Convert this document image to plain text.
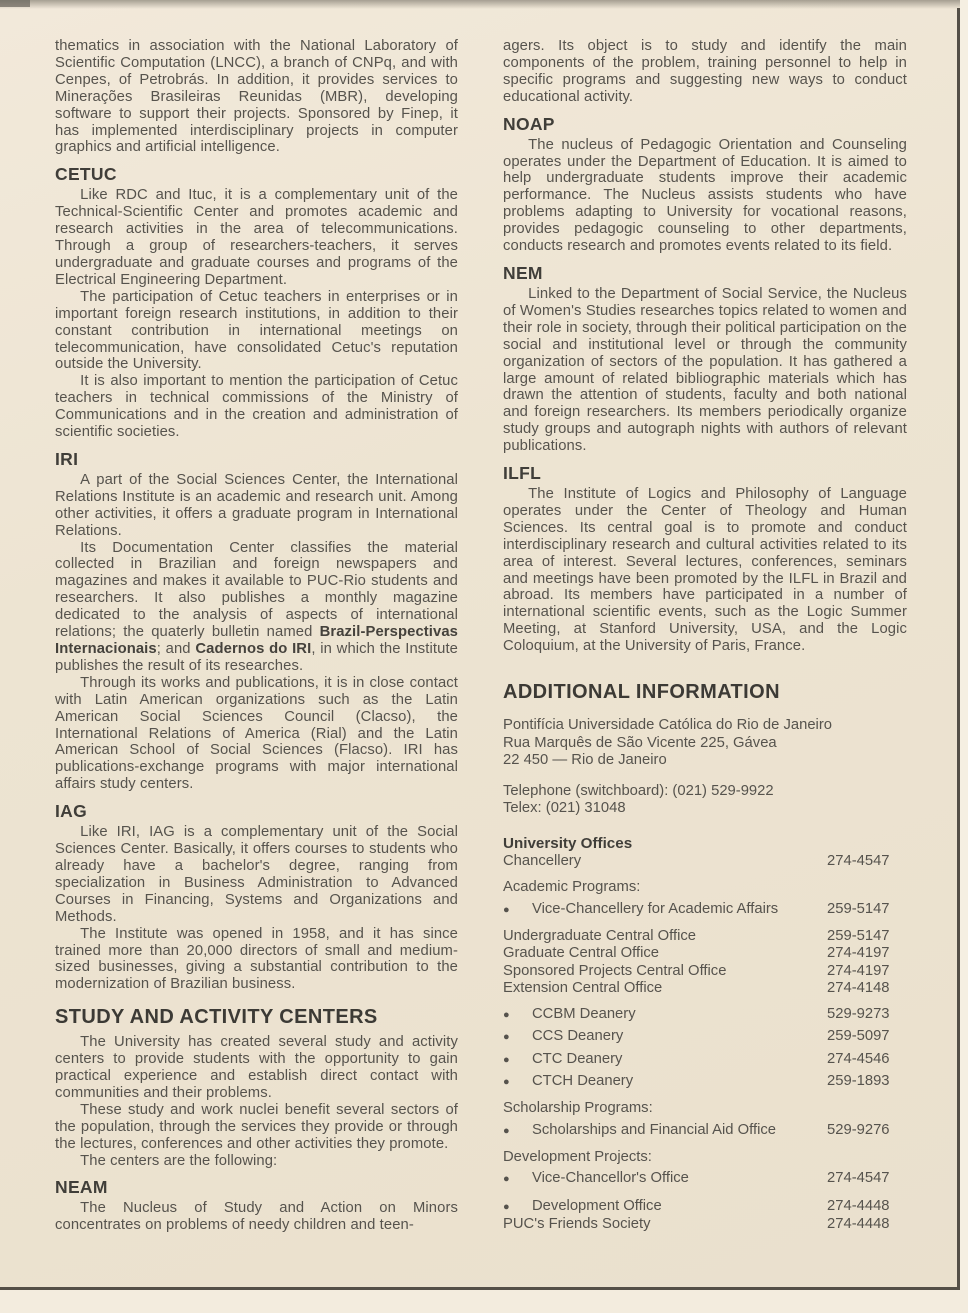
thematics in association with the National Laboratory of Scientific Computation (LNCC), a branch of CNPq, and with Cenpes, of Petrobrás. In addition, it provides services to Minerações Brasileiras Reunidas (MBR), developing software to support their projects. Sponsored by Finep, it has implemented interdisciplinary projects in computer graphics and artificial intelligence.

CETUC

Like RDC and Ituc, it is a complementary unit of the Technical-Scientific Center and promotes academic and research activities in the area of telecommunications. Through a group of researchers-teachers, it serves undergraduate and graduate courses and programs of the Electrical Engineering Department.

The participation of Cetuc teachers in enterprises or in important foreign research institutions, in addition to their constant contribution in international meetings on telecommunication, have consolidated Cetuc's reputation outside the University.

It is also important to mention the participation of Cetuc teachers in technical commissions of the Ministry of Communications and in the creation and administration of scientific societies.

IRI

A part of the Social Sciences Center, the International Relations Institute is an academic and research unit. Among other activities, it offers a graduate program in International Relations.

Its Documentation Center classifies the material collected in Brazilian and foreign newspapers and magazines and makes it available to PUC-Rio students and researchers. It also publishes a monthly magazine dedicated to the analysis of aspects of international relations; the quaterly bulletin named Brazil-Perspectivas Internacionais; and Cadernos do IRI, in which the Institute publishes the result of its researches.

Through its works and publications, it is in close contact with Latin American organizations such as the Latin American Social Sciences Council (Clacso), the International Relations of America (Rial) and the Latin American School of Social Sciences (Flacso). IRI has publications-exchange programs with major international affairs study centers.

IAG

Like IRI, IAG is a complementary unit of the Social Sciences Center. Basically, it offers courses to students who already have a bachelor's degree, ranging from specialization in Business Administration to Advanced Courses in Financing, Systems and Organizations and Methods.

The Institute was opened in 1958, and it has since trained more than 20,000 directors of small and medium-sized businesses, giving a substantial contribution to the modernization of Brazilian business.

STUDY AND ACTIVITY CENTERS

The University has created several study and activity centers to provide students with the opportunity to gain practical experience and establish direct contact with communities and their problems.

These study and work nuclei benefit several sectors of the population, through the services they provide or through the lectures, conferences and other activities they promote.

The centers are the following:

NEAM

The Nucleus of Study and Action on Minors concentrates on problems of needy children and teen-

agers. Its object is to study and identify the main components of the problem, training personnel to help in specific programs and suggesting new ways to conduct educational activity.

NOAP

The nucleus of Pedagogic Orientation and Counseling operates under the Department of Education. It is aimed to help undergraduate students improve their academic performance. The Nucleus assists students who have problems adapting to University for vocational reasons, provides pedagogic counseling to other departments, conducts research and promotes events related to its field.

NEM

Linked to the Department of Social Service, the Nucleus of Women's Studies researches topics related to women and their role in society, through their political participation on the social and institutional level or through the community organization of sectors of the population. It has gathered a large amount of related bibliographic materials which has drawn the attention of students, faculty and both national and foreign researchers. Its members periodically organize study groups and autograph nights with authors of relevant publications.

ILFL

The Institute of Logics and Philosophy of Language operates under the Center of Theology and Human Sciences. Its central goal is to promote and conduct interdisciplinary research and cultural activities related to its area of interest. Several lectures, conferences, seminars and meetings have been promoted by the ILFL in Brazil and abroad. Its members have participated in a number of international scientific events, such as the Logic Summer Meeting, at Stanford University, USA, and the Logic Coloquium, at the University of Paris, France.

ADDITIONAL INFORMATION
Pontifícia Universidade Católica do Rio de Janeiro
Rua Marquês de São Vicente 225, Gávea
22 450 — Rio de Janeiro
Telephone (switchboard): (021) 529-9922
Telex: (021) 31048
University Offices
Chancellery	274-4547
Academic Programs:
●	Vice-Chancellery for Academic Affairs	259-5147
Undergraduate Central Office	259-5147
Graduate Central Office	274-4197
Sponsored Projects Central Office	274-4197
Extension Central Office	274-4148
●	CCBM Deanery	529-9273
●	CCS Deanery	259-5097
●	CTC Deanery	274-4546
●	CTCH Deanery	259-1893
Scholarship Programs:
●	Scholarships and Financial Aid Office	529-9276
Development Projects:
●	Vice-Chancellor's Office	274-4547
●	Development Office	274-4448
PUC's Friends Society	274-4448
